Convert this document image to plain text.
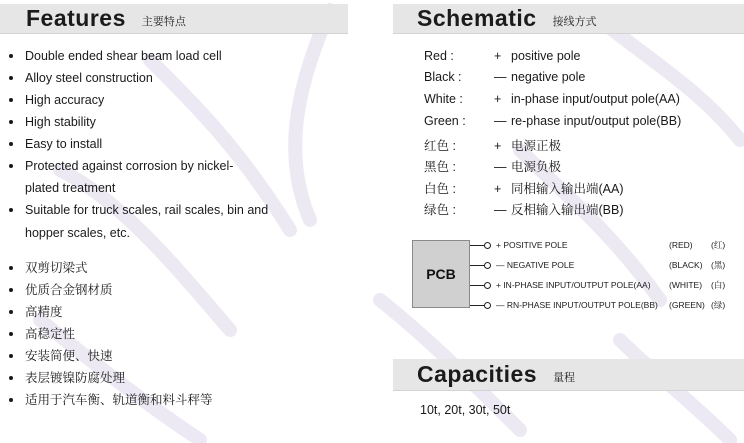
Features 主要特点
Double ended shear beam load cell
Alloy steel construction
High accuracy
High stability
Easy to install
Protected against corrosion by nickel-plated treatment
Suitable for truck scales, rail scales, bin and hopper scales, etc.
双剪切梁式
优质合金钢材质
高精度
高稳定性
安装简便、快速
表层镀镍防腐处理
适用于汽车衡、轨道衡和料斗秤等
Schematic 接线方式
Red :	+ positive pole
Black :	— negative pole
White : + in-phase input/output pole(AA)
Green : — re-phase input/output pole(BB)
红色 :	+ 电源正极
黑色 :	— 电源负极
白色 :	+ 同相输入输出端(AA)
绿色 :	— 反相输入输出端(BB)
PCB
+ POSITIVE POLE	(RED) (红)
— NEGATIVE POLE	(BLACK) (黑)
+ IN-PHASE INPUT/OUTPUT POLE(AA) (WHITE) (白)
— RN-PHASE INPUT/OUTPUT POLE(BB) (GREEN) (绿)
Capacities 量程
10t, 20t, 30t, 50t
